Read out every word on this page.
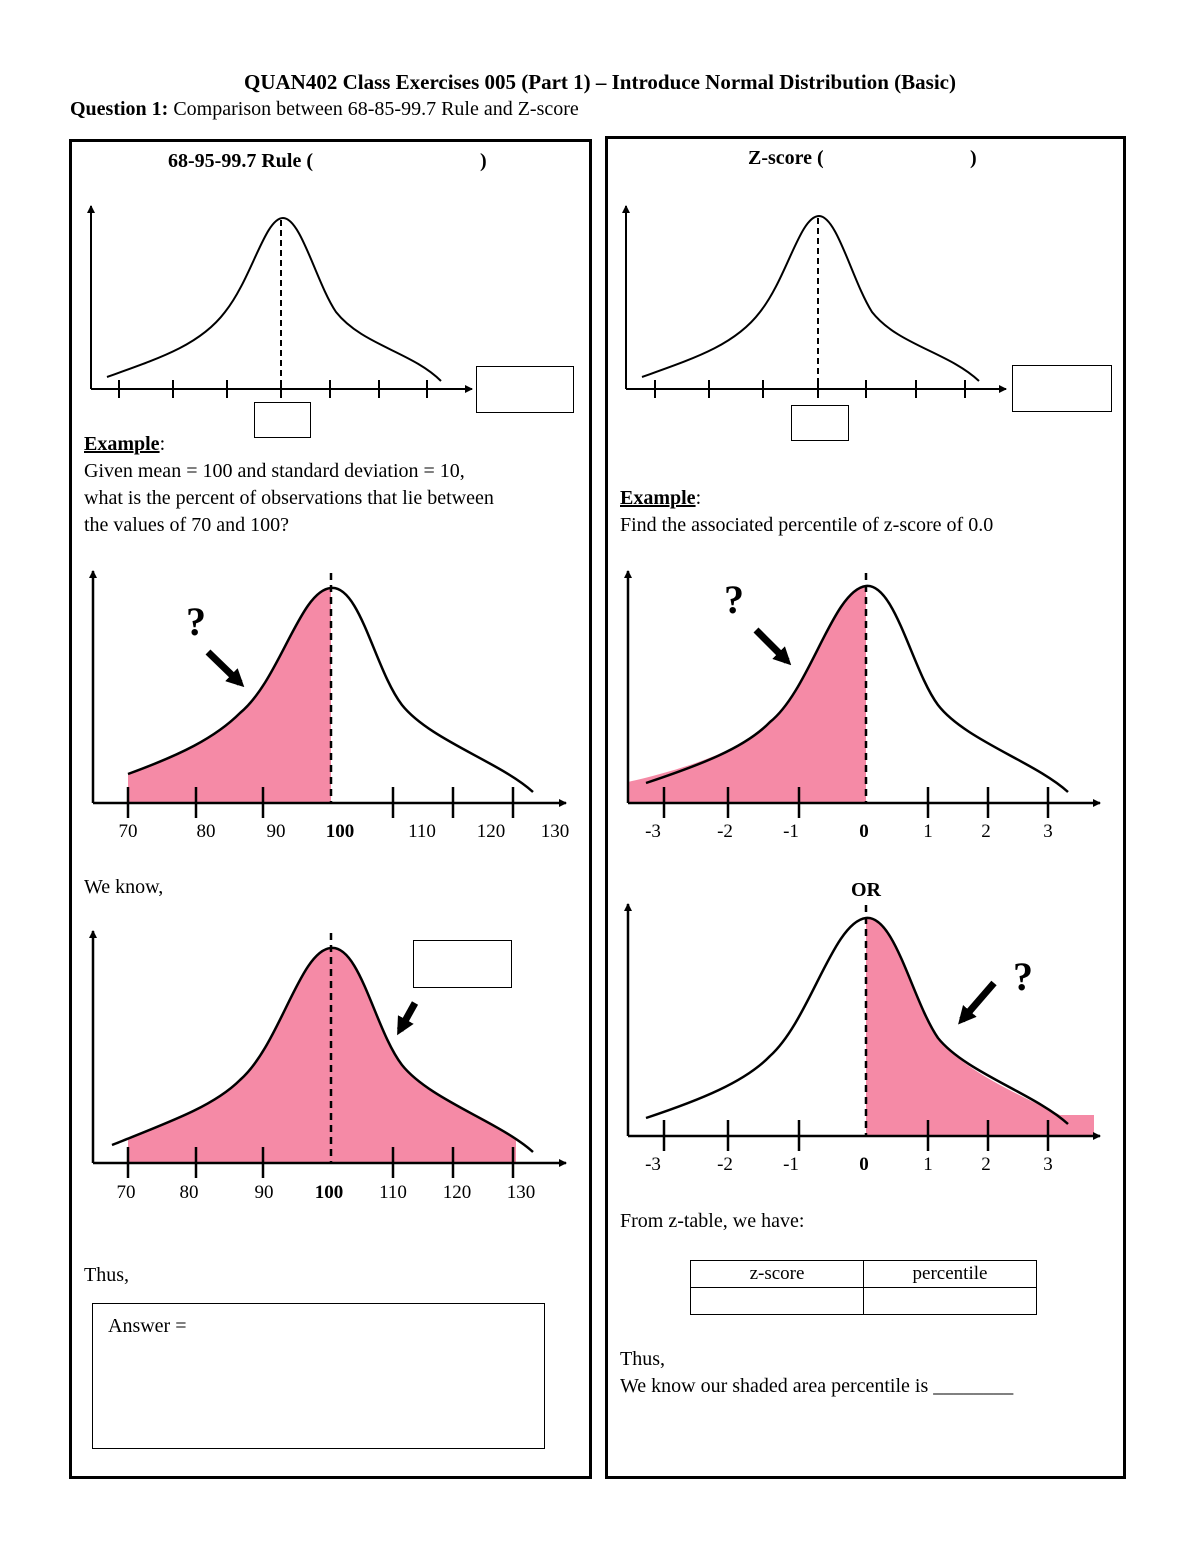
QUAN402 Class Exercises 005 (Part 1) – Introduce Normal Distribution (Basic)
Question 1: Comparison between 68-85-99.7 Rule and Z-score
68-95-99.7 Rule (	)	Z-score (	)
Example:
Given mean = 100 and standard deviation = 10,
what is the percent of observations that lie between
the values of 70 and 100?
Example:
Find the associated percentile of z-score of 0.0
?	?
?
70	80	90	100	110	120	130	-3	-2	-1	0	1	2	3
We know,	OR
70	80	90	100	110	120	130
-3	-2	-1	0	1	2	3
From z-table, we have:
z-score	percentile

Thus,
Answer =
Thus,
We know our shaded area percentile is ________
